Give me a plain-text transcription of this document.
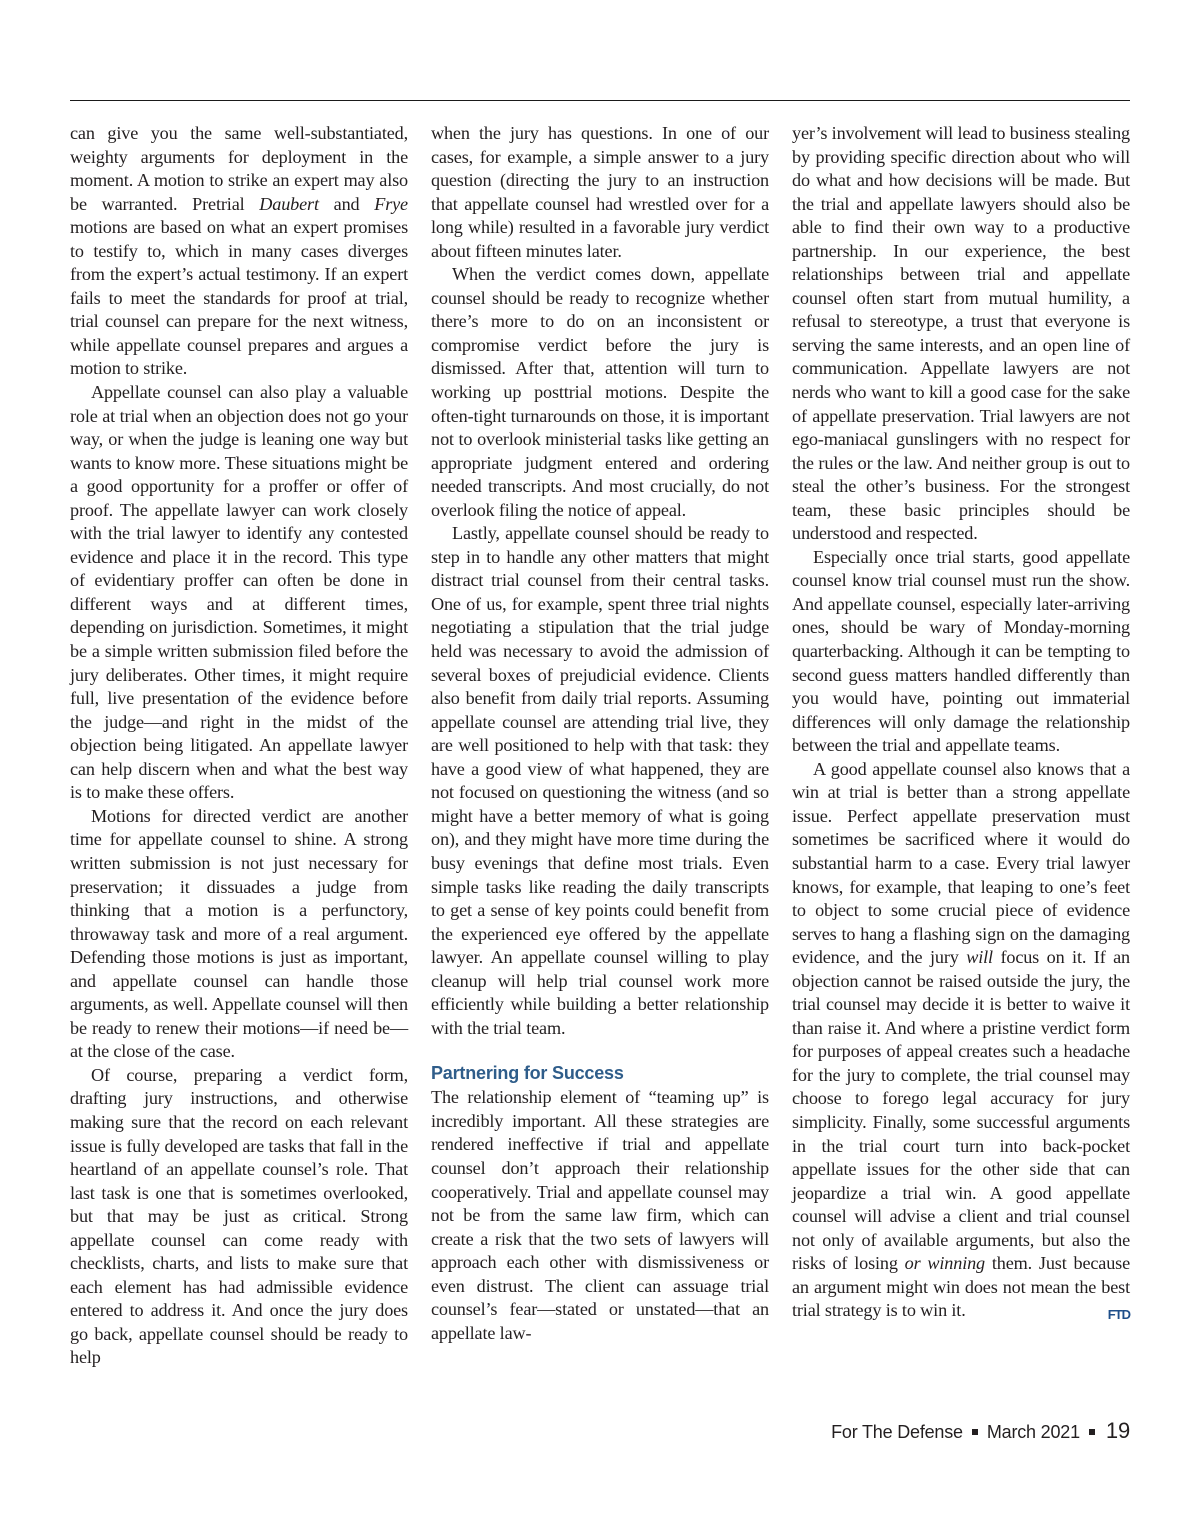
can give you the same well-substantiated, weighty arguments for deployment in the moment. A motion to strike an expert may also be warranted. Pretrial Daubert and Frye motions are based on what an expert promises to testify to, which in many cases diverges from the expert’s actual testimony. If an expert fails to meet the standards for proof at trial, trial counsel can prepare for the next witness, while appellate counsel prepares and argues a motion to strike.

Appellate counsel can also play a valuable role at trial when an objection does not go your way, or when the judge is leaning one way but wants to know more. These situations might be a good opportunity for a proffer or offer of proof. The appellate lawyer can work closely with the trial lawyer to identify any contested evidence and place it in the record. This type of evidentiary proffer can often be done in different ways and at different times, depending on jurisdiction. Sometimes, it might be a simple written submission filed before the jury deliberates. Other times, it might require full, live presentation of the evidence before the judge—and right in the midst of the objection being litigated. An appellate lawyer can help discern when and what the best way is to make these offers.

Motions for directed verdict are another time for appellate counsel to shine. A strong written submission is not just necessary for preservation; it dissuades a judge from thinking that a motion is a perfunctory, throwaway task and more of a real argument. Defending those motions is just as important, and appellate counsel can handle those arguments, as well. Appellate counsel will then be ready to renew their motions—if need be—at the close of the case.

Of course, preparing a verdict form, drafting jury instructions, and otherwise making sure that the record on each relevant issue is fully developed are tasks that fall in the heartland of an appellate counsel’s role. That last task is one that is sometimes overlooked, but that may be just as critical. Strong appellate counsel can come ready with checklists, charts, and lists to make sure that each element has had admissible evidence entered to address it. And once the jury does go back, appellate counsel should be ready to help

when the jury has questions. In one of our cases, for example, a simple answer to a jury question (directing the jury to an instruction that appellate counsel had wrestled over for a long while) resulted in a favorable jury verdict about fifteen minutes later.

When the verdict comes down, appellate counsel should be ready to recognize whether there’s more to do on an inconsistent or compromise verdict before the jury is dismissed. After that, attention will turn to working up posttrial motions. Despite the often-tight turnarounds on those, it is important not to overlook ministerial tasks like getting an appropriate judgment entered and ordering needed transcripts. And most crucially, do not overlook filing the notice of appeal.

Lastly, appellate counsel should be ready to step in to handle any other matters that might distract trial counsel from their central tasks. One of us, for example, spent three trial nights negotiating a stipulation that the trial judge held was necessary to avoid the admission of several boxes of prejudicial evidence. Clients also benefit from daily trial reports. Assuming appellate counsel are attending trial live, they are well positioned to help with that task: they have a good view of what happened, they are not focused on questioning the witness (and so might have a better memory of what is going on), and they might have more time during the busy evenings that define most trials. Even simple tasks like reading the daily transcripts to get a sense of key points could benefit from the experienced eye offered by the appellate lawyer. An appellate counsel willing to play cleanup will help trial counsel work more efficiently while building a better relationship with the trial team.

Partnering for Success

The relationship element of “teaming up” is incredibly important. All these strategies are rendered ineffective if trial and appellate counsel don’t approach their relationship cooperatively. Trial and appellate counsel may not be from the same law firm, which can create a risk that the two sets of lawyers will approach each other with dismissiveness or even distrust. The client can assuage trial counsel’s fear—stated or unstated—that an appellate law-

yer’s involvement will lead to business stealing by providing specific direction about who will do what and how decisions will be made. But the trial and appellate lawyers should also be able to find their own way to a productive partnership. In our experience, the best relationships between trial and appellate counsel often start from mutual humility, a refusal to stereotype, a trust that everyone is serving the same interests, and an open line of communication. Appellate lawyers are not nerds who want to kill a good case for the sake of appellate preservation. Trial lawyers are not ego-maniacal gunslingers with no respect for the rules or the law. And neither group is out to steal the other’s business. For the strongest team, these basic principles should be understood and respected.

Especially once trial starts, good appellate counsel know trial counsel must run the show. And appellate counsel, especially later-arriving ones, should be wary of Monday-morning quarterbacking. Although it can be tempting to second guess matters handled differently than you would have, pointing out immaterial differences will only damage the relationship between the trial and appellate teams.

A good appellate counsel also knows that a win at trial is better than a strong appellate issue. Perfect appellate preservation must sometimes be sacrificed where it would do substantial harm to a case. Every trial lawyer knows, for example, that leaping to one’s feet to object to some crucial piece of evidence serves to hang a flashing sign on the damaging evidence, and the jury will focus on it. If an objection cannot be raised outside the jury, the trial counsel may decide it is better to waive it than raise it. And where a pristine verdict form for purposes of appeal creates such a headache for the jury to complete, the trial counsel may choose to forego legal accuracy for jury simplicity. Finally, some successful arguments in the trial court turn into back-pocket appellate issues for the other side that can jeopardize a trial win. A good appellate counsel will advise a client and trial counsel not only of available arguments, but also the risks of losing or winning them. Just because an argument might win does not mean the best trial strategy is to win it.	FTD

For The Defense March 2021 19
